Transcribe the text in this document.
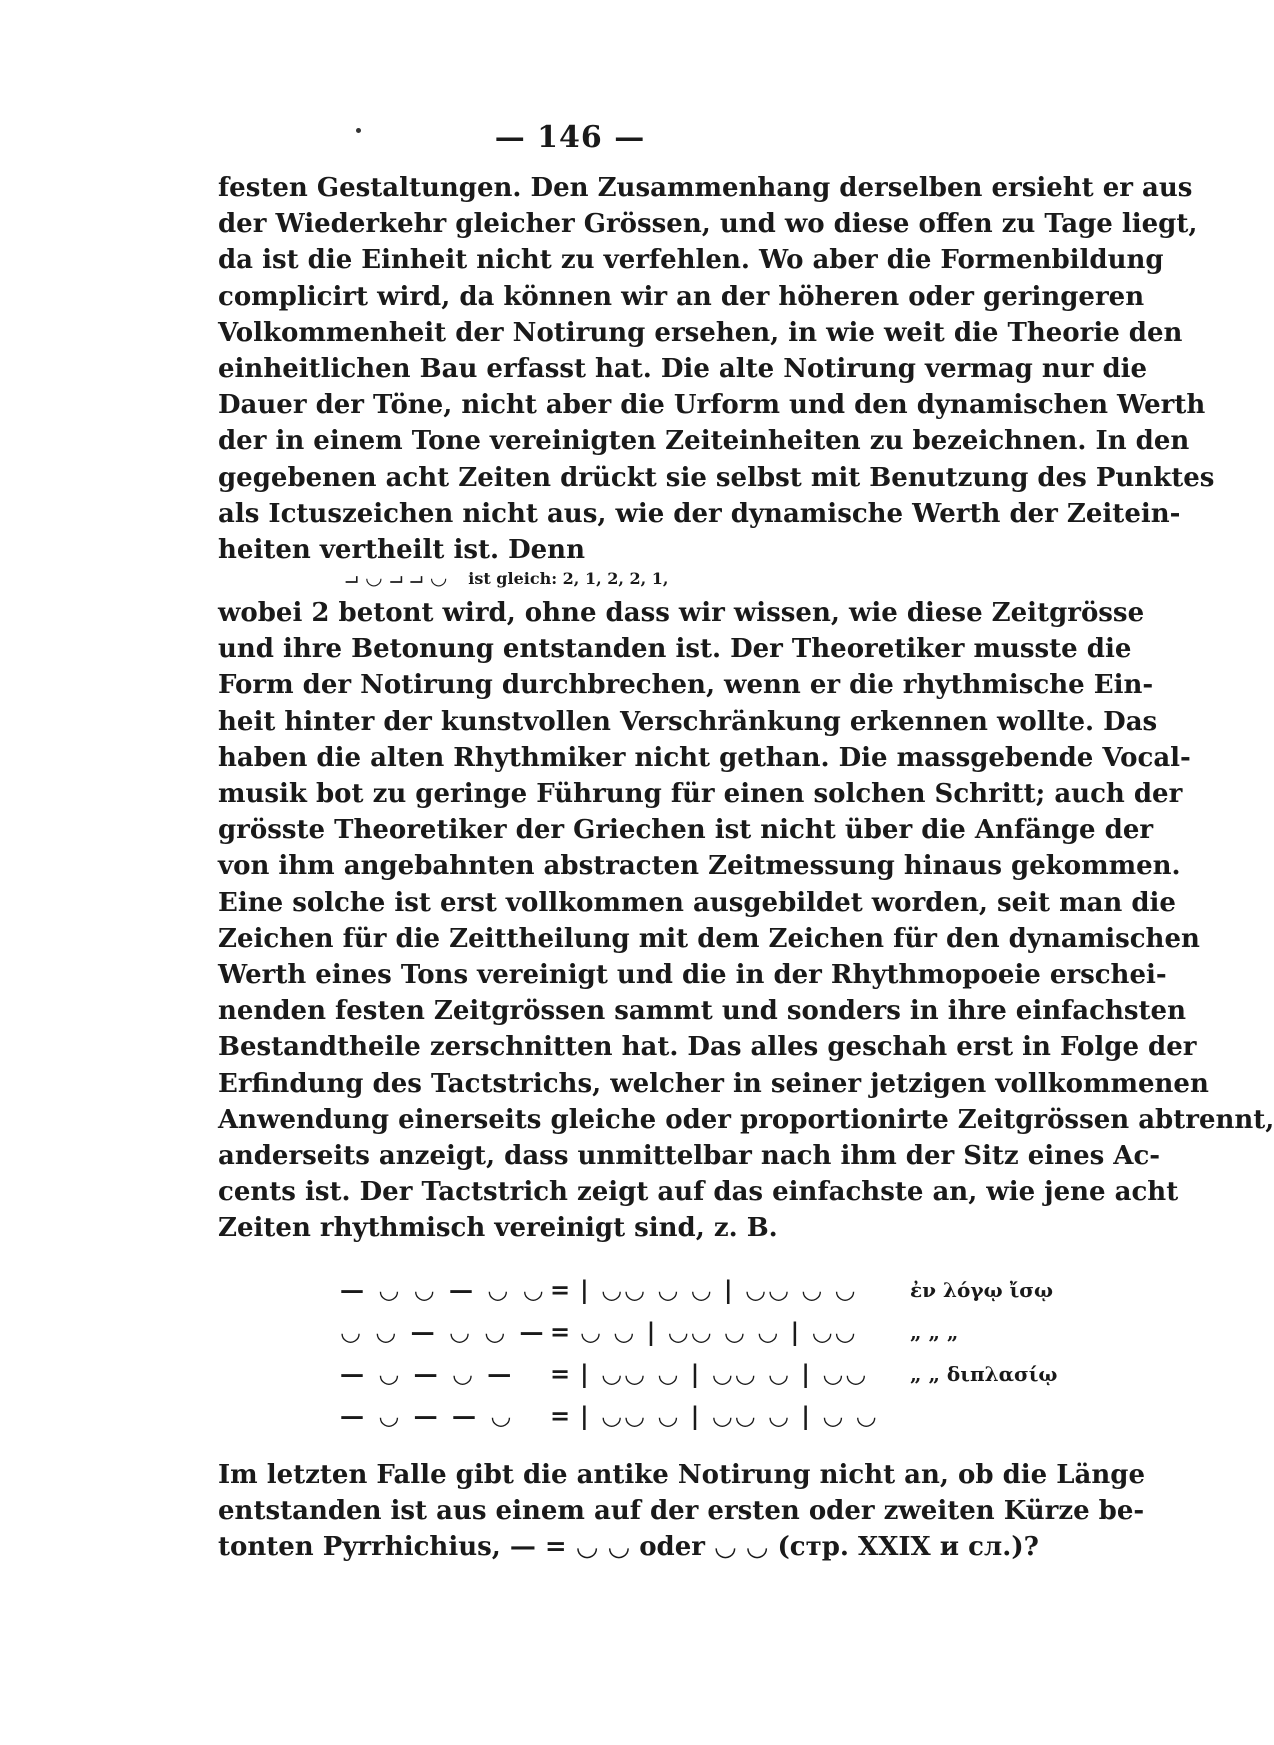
— 146 —
festen Gestaltungen. Den Zusammenhang derselben ersieht er aus
der Wiederkehr gleicher Grössen, und wo diese offen zu Tage liegt,
da ist die Einheit nicht zu verfehlen. Wo aber die Formenbildung
complicirt wird, da können wir an der höheren oder geringeren
Volkommenheit der Notirung ersehen, in wie weit die Theorie den
einheitlichen Bau erfasst hat. Die alte Notirung vermag nur die
Dauer der Töne, nicht aber die Urform und den dynamischen Werth
der in einem Tone vereinigten Zeiteinheiten zu bezeichnen. In den
gegebenen acht Zeiten drückt sie selbst mit Benutzung des Punktes
als Ictuszeichen nicht aus, wie der dynamische Werth der Zeitein-
heiten vertheilt ist. Denn
⏗ ◡ ⏗ ⏗ ◡ ist gleich: 2, 1, 2, 2, 1,
wobei 2 betont wird, ohne dass wir wissen, wie diese Zeitgrösse
und ihre Betonung entstanden ist. Der Theoretiker musste die
Form der Notirung durchbrechen, wenn er die rhythmische Ein-
heit hinter der kunstvollen Verschränkung erkennen wollte. Das
haben die alten Rhythmiker nicht gethan. Die massgebende Vocal-
musik bot zu geringe Führung für einen solchen Schritt; auch der
grösste Theoretiker der Griechen ist nicht über die Anfänge der
von ihm angebahnten abstracten Zeitmessung hinaus gekommen.
Eine solche ist erst vollkommen ausgebildet worden, seit man die
Zeichen für die Zeittheilung mit dem Zeichen für den dynamischen
Werth eines Tons vereinigt und die in der Rhythmopoeie erschei-
nenden festen Zeitgrössen sammt und sonders in ihre einfachsten
Bestandtheile zerschnitten hat. Das alles geschah erst in Folge der
Erfindung des Tactstrichs, welcher in seiner jetzigen vollkommenen
Anwendung einerseits gleiche oder proportionirte Zeitgrössen abtrennt,
anderseits anzeigt, dass unmittelbar nach ihm der Sitz eines Ac-
cents ist. Der Tactstrich zeigt auf das einfachste an, wie jene acht
Zeiten rhythmisch vereinigt sind, z. B.
— ◡ ◡ — ◡ ◡ = | ◡◡ ◡ ◡ | ◡◡ ◡ ◡	ἐν λόγῳ ἴσῳ
◡ ◡ — ◡ ◡ — = ◡ ◡ | ◡◡ ◡ ◡ | ◡◡	„ „ „
— ◡ — ◡ —	= | ◡◡ ◡ | ◡◡ ◡ | ◡◡	„ „ διπλασίῳ
— ◡ — — ◡	= | ◡◡ ◡ | ◡◡ ◡ | ◡ ◡
Im letzten Falle gibt die antike Notirung nicht an, ob die Länge
entstanden ist aus einem auf der ersten oder zweiten Kürze be-
tonten Pyrrhichius, — = ◡ ◡ oder ◡ ◡ (стр. XXIX и сл.)?
